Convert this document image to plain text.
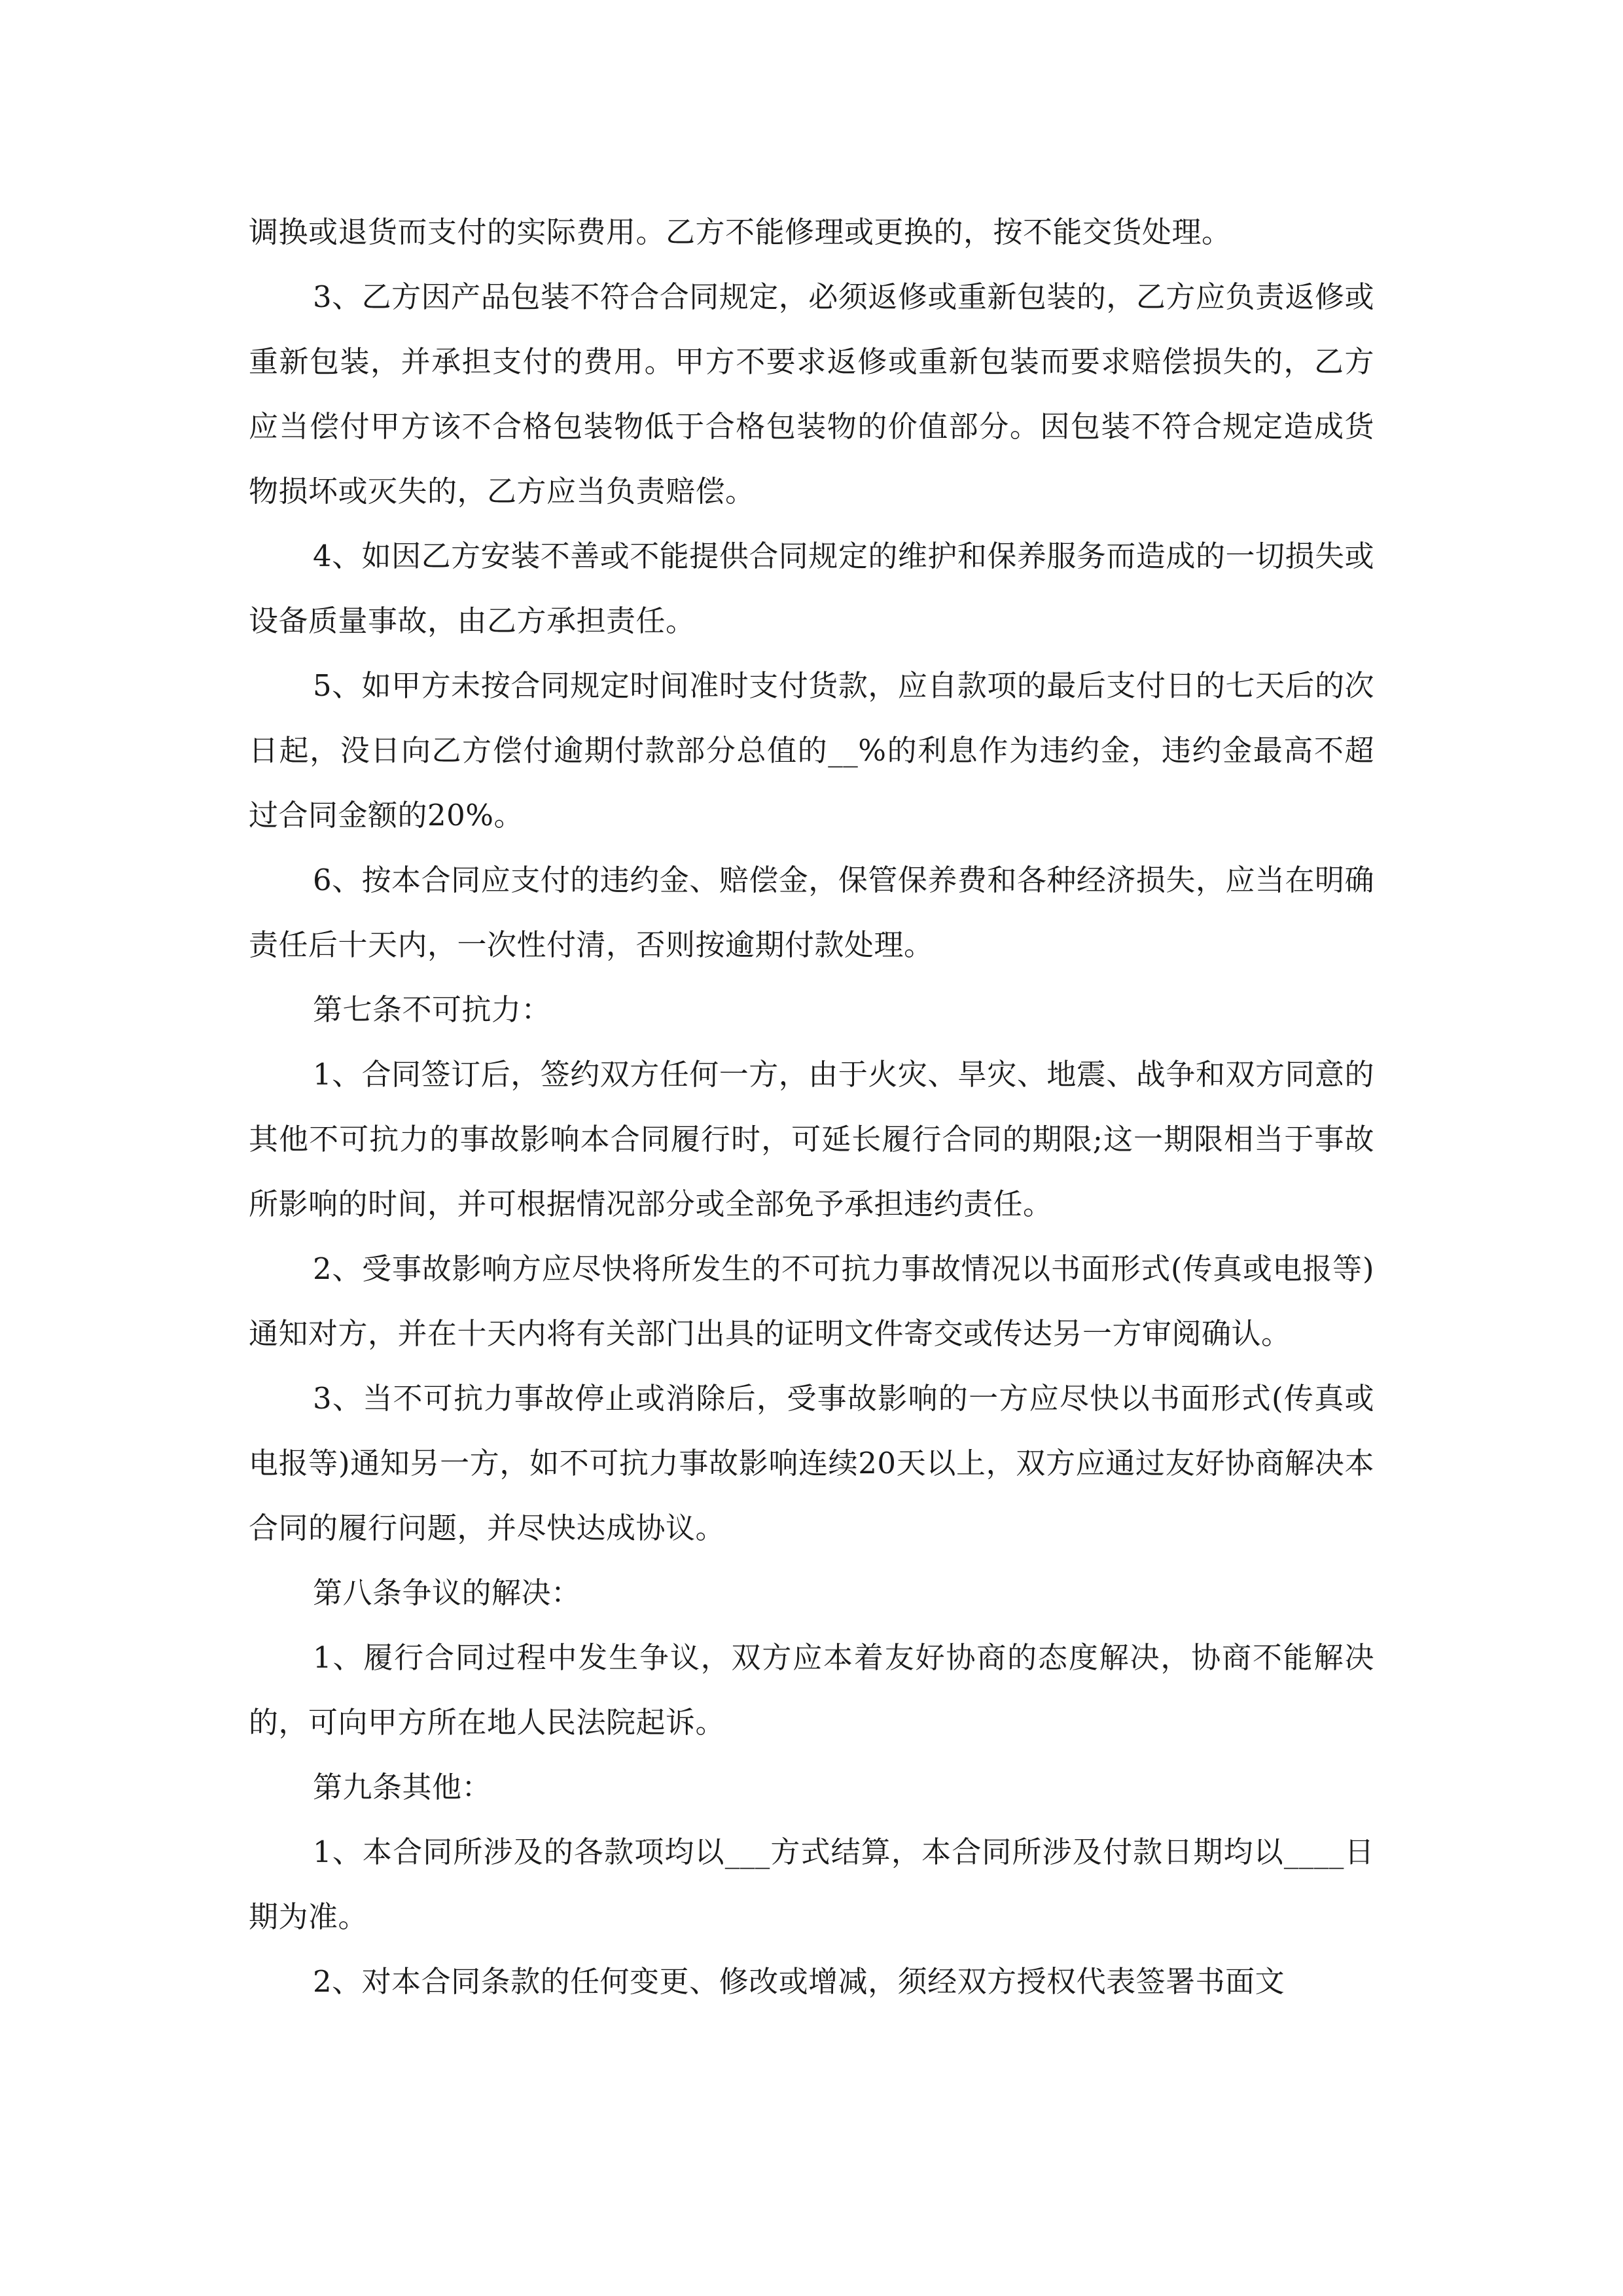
调换或退货而支付的实际费用。乙方不能修理或更换的，按不能交货处理。

3、乙方因产品包装不符合合同规定，必须返修或重新包装的，乙方应负责返修或重新包装，并承担支付的费用。甲方不要求返修或重新包装而要求赔偿损失的，乙方应当偿付甲方该不合格包装物低于合格包装物的价值部分。因包装不符合规定造成货物损坏或灭失的，乙方应当负责赔偿。

4、如因乙方安装不善或不能提供合同规定的维护和保养服务而造成的一切损失或设备质量事故，由乙方承担责任。

5、如甲方未按合同规定时间准时支付货款，应自款项的最后支付日的七天后的次日起，没日向乙方偿付逾期付款部分总值的__%的利息作为违约金，违约金最高不超过合同金额的20%。

6、按本合同应支付的违约金、赔偿金，保管保养费和各种经济损失，应当在明确责任后十天内，一次性付清，否则按逾期付款处理。

第七条不可抗力：

1、合同签订后，签约双方任何一方，由于火灾、旱灾、地震、战争和双方同意的其他不可抗力的事故影响本合同履行时，可延长履行合同的期限;这一期限相当于事故所影响的时间，并可根据情况部分或全部免予承担违约责任。

2、受事故影响方应尽快将所发生的不可抗力事故情况以书面形式(传真或电报等)通知对方，并在十天内将有关部门出具的证明文件寄交或传达另一方审阅确认。

3、当不可抗力事故停止或消除后，受事故影响的一方应尽快以书面形式(传真或电报等)通知另一方，如不可抗力事故影响连续20天以上，双方应通过友好协商解决本合同的履行问题，并尽快达成协议。

第八条争议的解决：

1、履行合同过程中发生争议，双方应本着友好协商的态度解决，协商不能解决的，可向甲方所在地人民法院起诉。

第九条其他：

1、本合同所涉及的各款项均以___方式结算，本合同所涉及付款日期均以____日期为准。

2、对本合同条款的任何变更、修改或增减，须经双方授权代表签署书面文
